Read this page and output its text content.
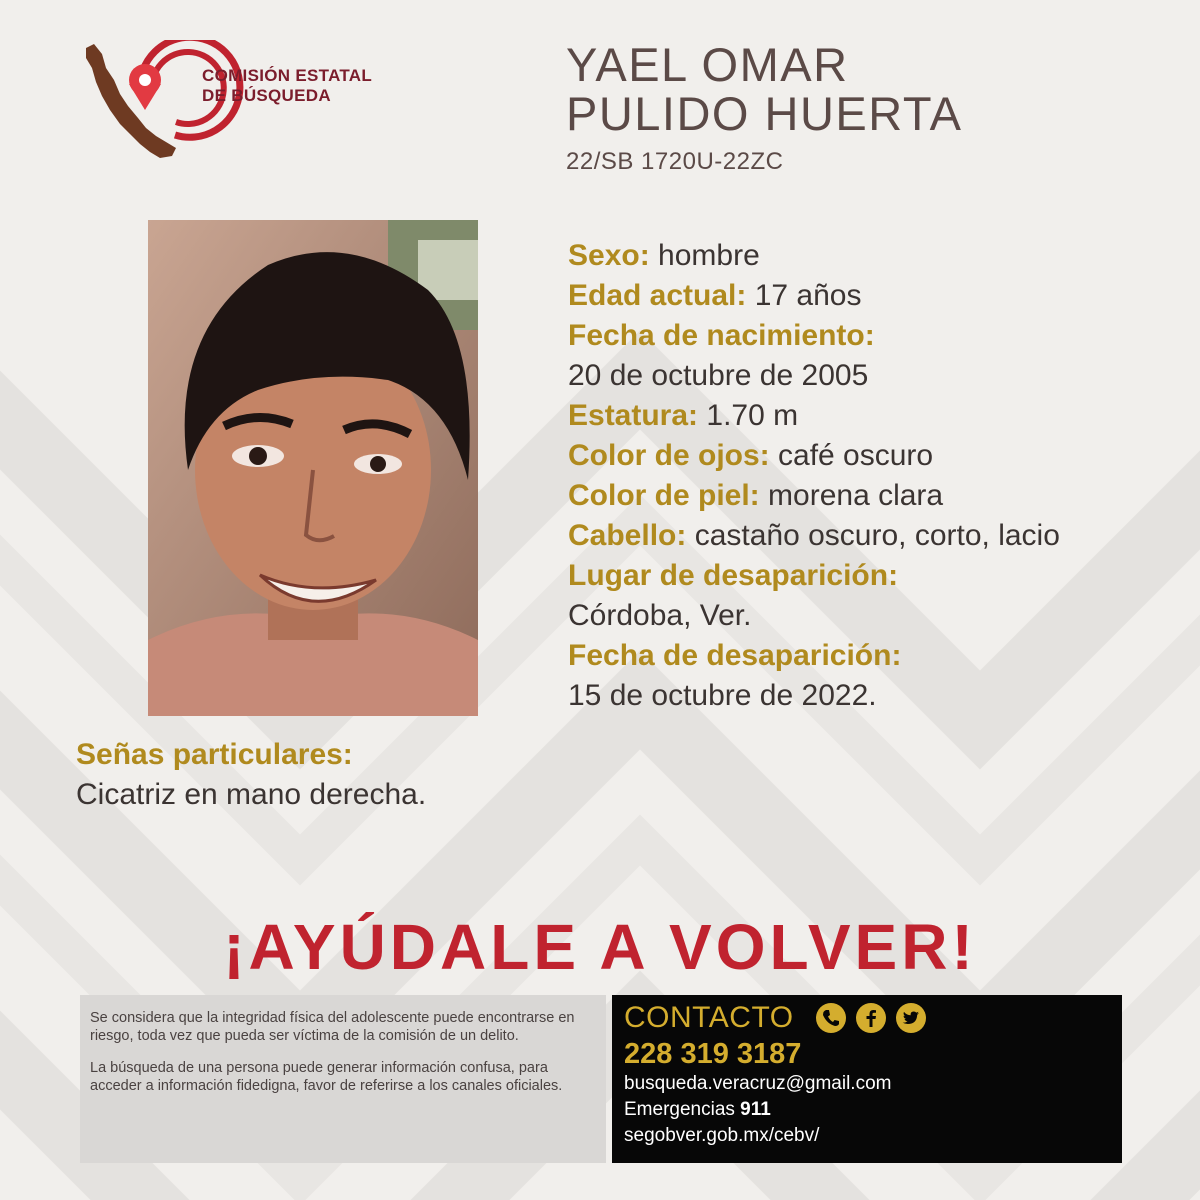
COMISIÓN ESTATAL
DE BÚSQUEDA
YAEL OMAR
PULIDO HUERTA
22/SB 1720U-22ZC
Sexo: hombre
Edad actual: 17 años
Fecha de nacimiento:
20 de octubre de 2005
Estatura: 1.70 m
Color de ojos: café oscuro
Color de piel: morena clara
Cabello: castaño oscuro, corto, lacio
Lugar de desaparición:
Córdoba, Ver.
Fecha de desaparición:
15 de octubre de 2022.
Señas particulares:
Cicatriz en mano derecha.
¡AYÚDALE A VOLVER!

Se considera que la integridad física del adolescente puede encontrarse en riesgo, toda vez que pueda ser víctima de la comisión de un delito.

La búsqueda de una persona puede generar información confusa, para acceder a información fidedigna, favor de referirse a los canales oficiales.

CONTACTO
228 319 3187
busqueda.veracruz@gmail.com
Emergencias 911
segobver.gob.mx/cebv/
